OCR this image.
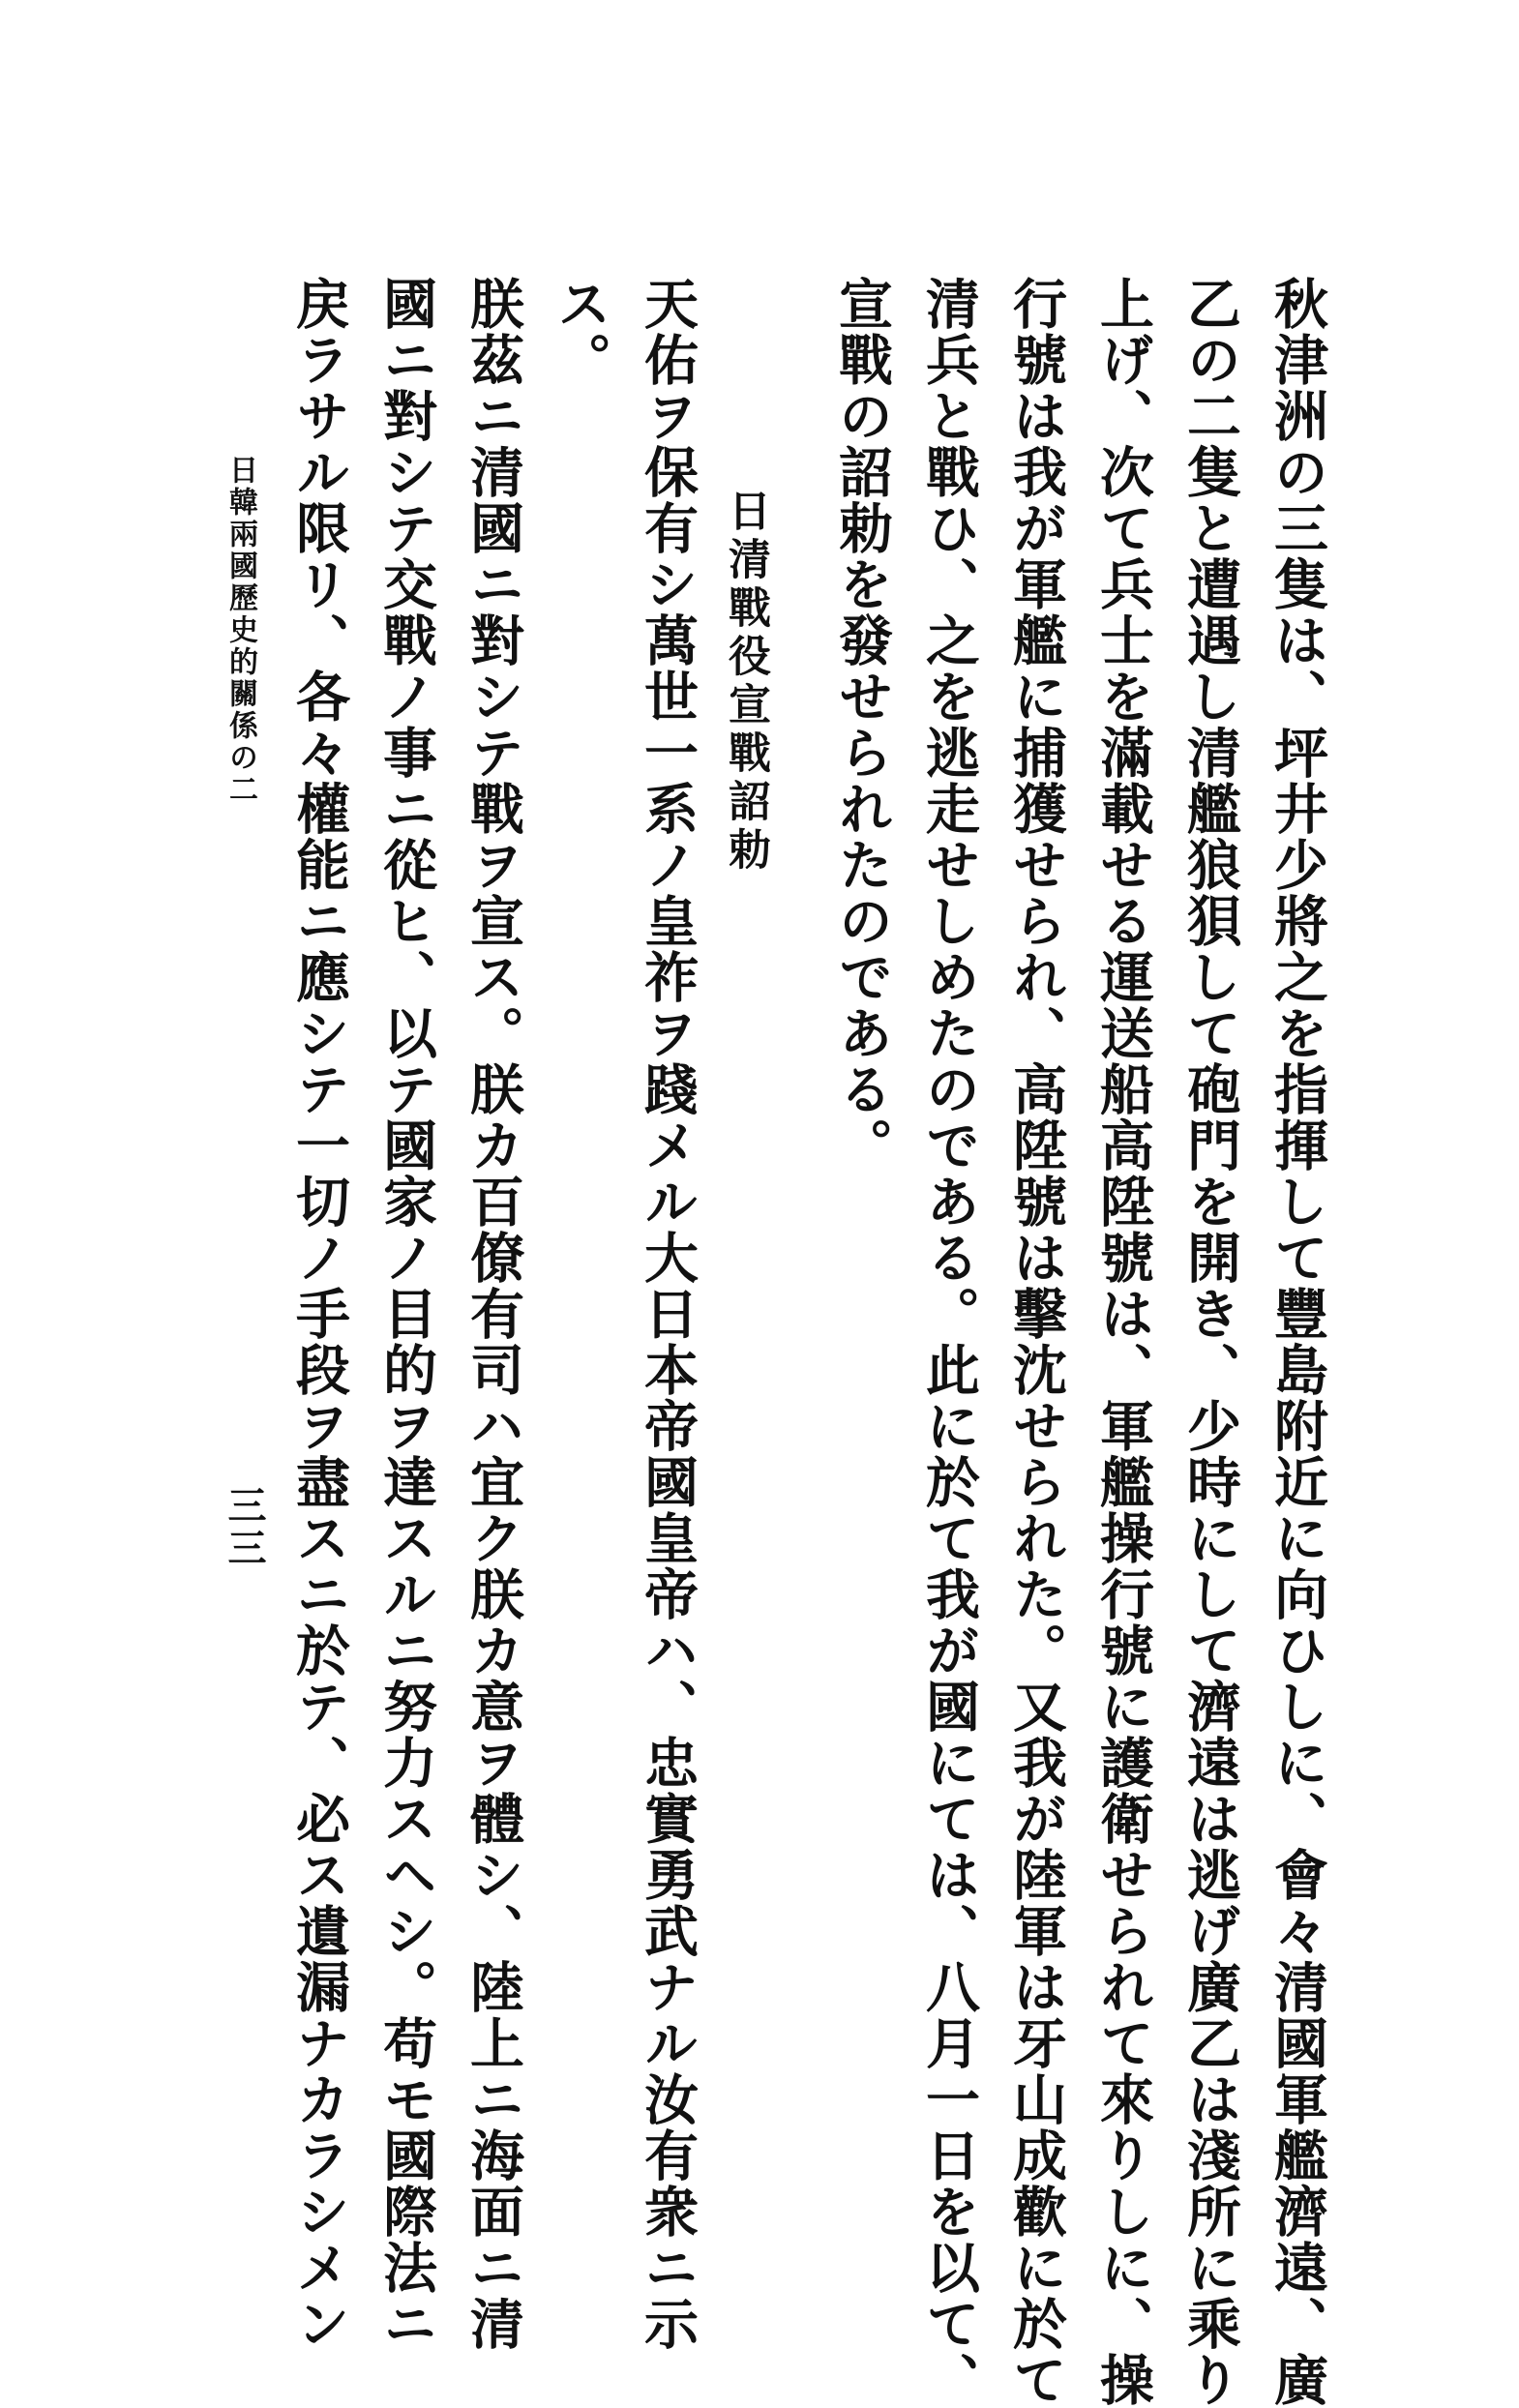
秋津洲の三隻は、坪井少將之を指揮して豐島附近に向ひしに、會々清國軍艦濟遠、廣
乙の二隻と遭遇し清艦狼狽して砲門を開き、少時にして濟遠は逃げ廣乙は淺所に乘り
上げ、次て兵士を滿載せる運送船高陞號は、軍艦操行號に護衛せられて來りしに、操
行號は我が軍艦に捕獲せられ、高陞號は擊沈せられた。又我が陸軍は牙山成歡に於て
清兵と戰ひ、之を逃走せしめたのである。此に於て我が國にては、八月一日を以て、
宣戰の詔勅を發せられたのである。
日清戰役宣戰詔勅
天佑ヲ保有シ萬世一系ノ皇祚ヲ踐メル大日本帝國皇帝ハ、忠實勇武ナル汝有衆ニ示
ス。
朕茲ニ清國ニ對シテ戰ヲ宣ス。朕カ百僚有司ハ宜ク朕カ意ヲ體シ、陸上ニ海面ニ清
國ニ對シテ交戰ノ事ニ從ヒ、以テ國家ノ目的ヲ達スルニ努力スヘシ。苟モ國際法ニ
戻ラサル限リ、各々權能ニ應シテ一切ノ手段ヲ盡スニ於テ、必ス遺漏ナカラシメン
日韓兩國歷史的關係の二
三三
